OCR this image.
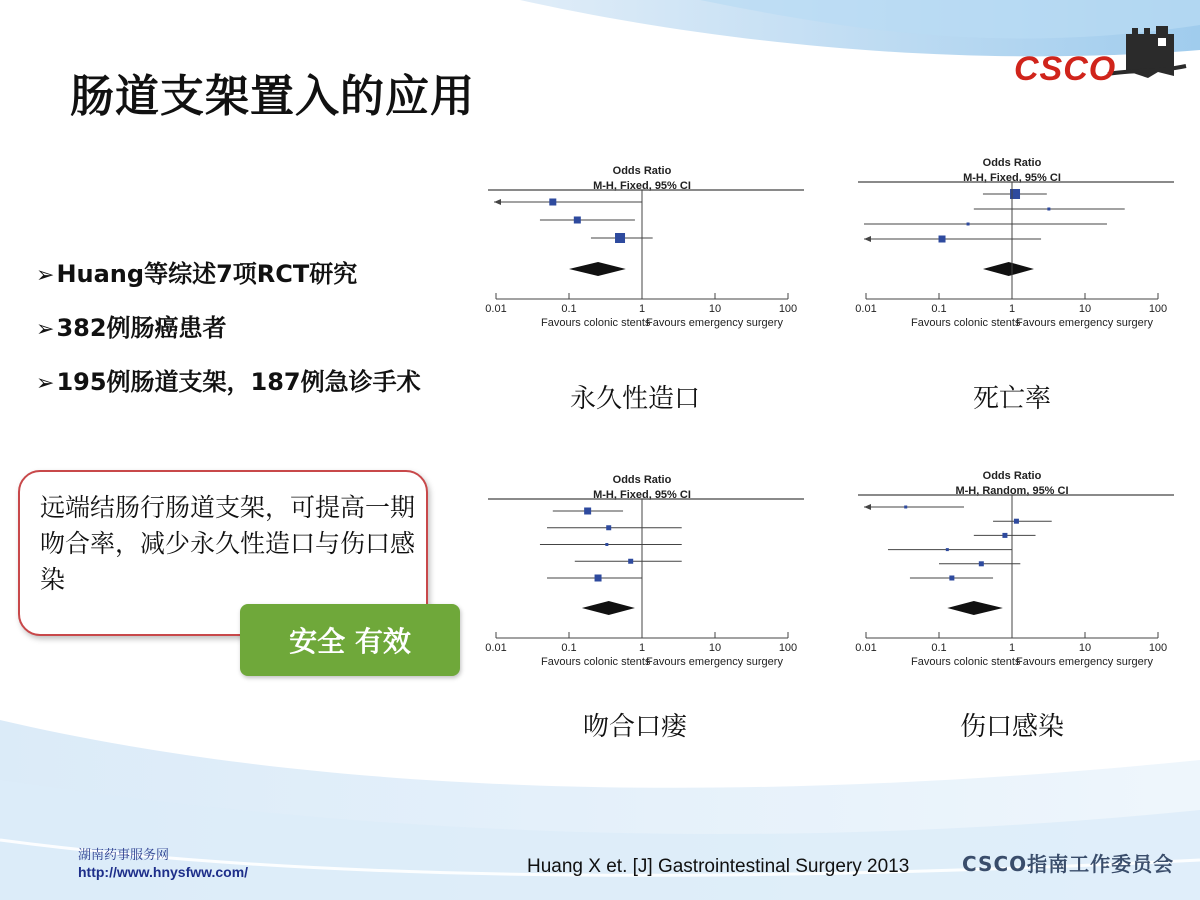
肠道支架置入的应用
CSCO
➢Huang等综述7项RCT研究
➢382例肠癌患者
➢195例肠道支架，187例急诊手术
远端结肠行肠道支架，可提高一期吻合率，减少永久性造口与伤口感染
安全 有效
Odds Ratio
M-H, Fixed, 95% CI
0.01	0.1	1	10	100
Favours colonic stents
Favours emergency surgery
永久性造口
Odds Ratio
M-H, Fixed, 95% CI
0.01	0.1	1	10	100
Favours colonic stents
Favours emergency surgery
死亡率
Odds Ratio
M-H, Fixed, 95% CI
0.01	0.1	1	10	100
Favours colonic stents
Favours emergency surgery
吻合口瘘
Odds Ratio
M-H, Random, 95% CI
0.01	0.1	1	10	100
Favours colonic stents
Favours emergency surgery
伤口感染
湖南药事服务网
http://www.hnysfww.com/	Huang X et. [J] Gastrointestinal Surgery 2013	CSCO指南工作委员会
